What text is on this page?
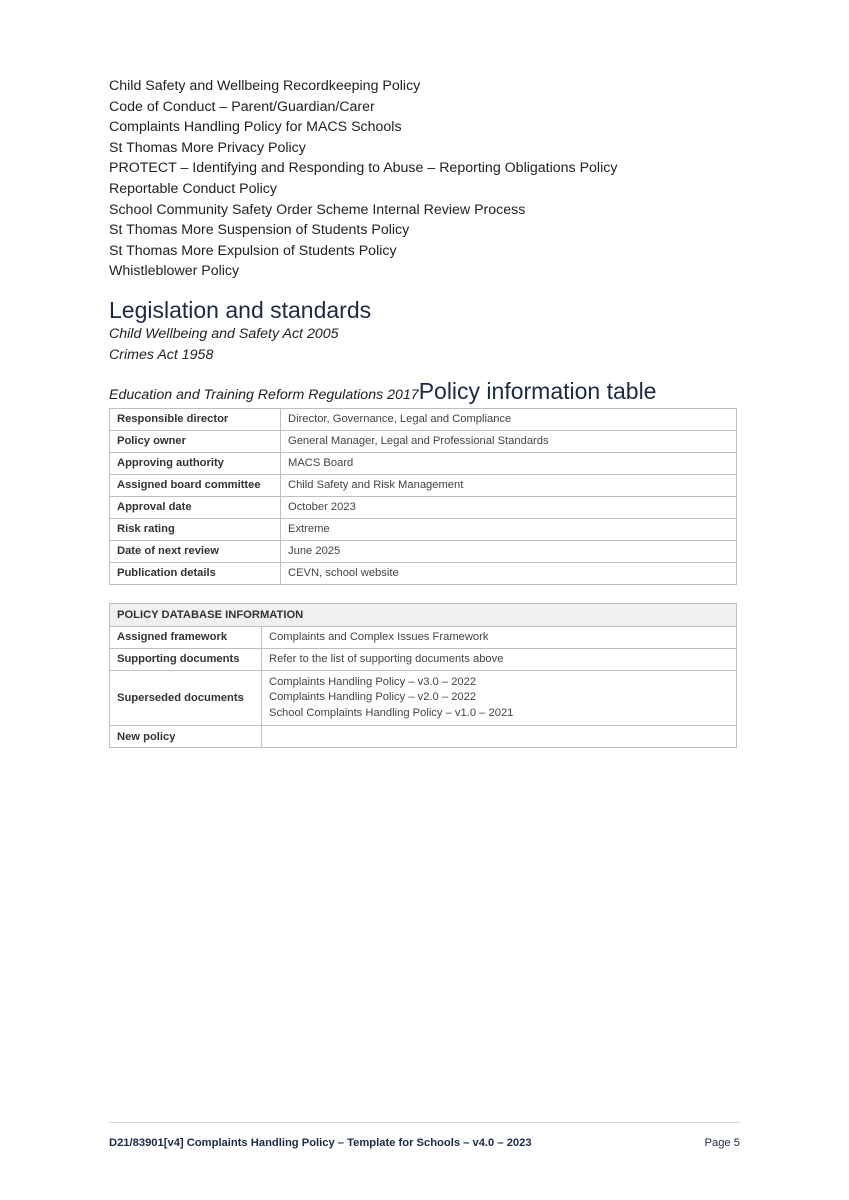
Child Safety and Wellbeing Recordkeeping Policy
Code of Conduct – Parent/Guardian/Carer
Complaints Handling Policy for MACS Schools
St Thomas More Privacy Policy
PROTECT – Identifying and Responding to Abuse – Reporting Obligations Policy
Reportable Conduct Policy
School Community Safety Order Scheme Internal Review Process
St Thomas More Suspension of Students Policy
St Thomas More Expulsion of Students Policy
Whistleblower Policy
Legislation and standards

Child Wellbeing and Safety Act 2005

Crimes Act 1958

Education and Training Reform Regulations 2017 Policy information table
Responsible director	Director, Governance, Legal and Compliance
Policy owner	General Manager, Legal and Professional Standards
Approving authority	MACS Board
Assigned board committee	Child Safety and Risk Management
Approval date	October 2023
Risk rating	Extreme
Date of next review	June 2025
Publication details	CEVN, school website
POLICY DATABASE INFORMATION	
Assigned framework	Complaints and Complex Issues Framework
Supporting documents	Refer to the list of supporting documents above
Superseded documents	Complaints Handling Policy – v3.0 – 2022
Complaints Handling Policy – v2.0 – 2022
School Complaints Handling Policy – v1.0 – 2021

New policy	
D21/83901[v4] Complaints Handling Policy – Template for Schools – v4.0 – 2023	Page 5
